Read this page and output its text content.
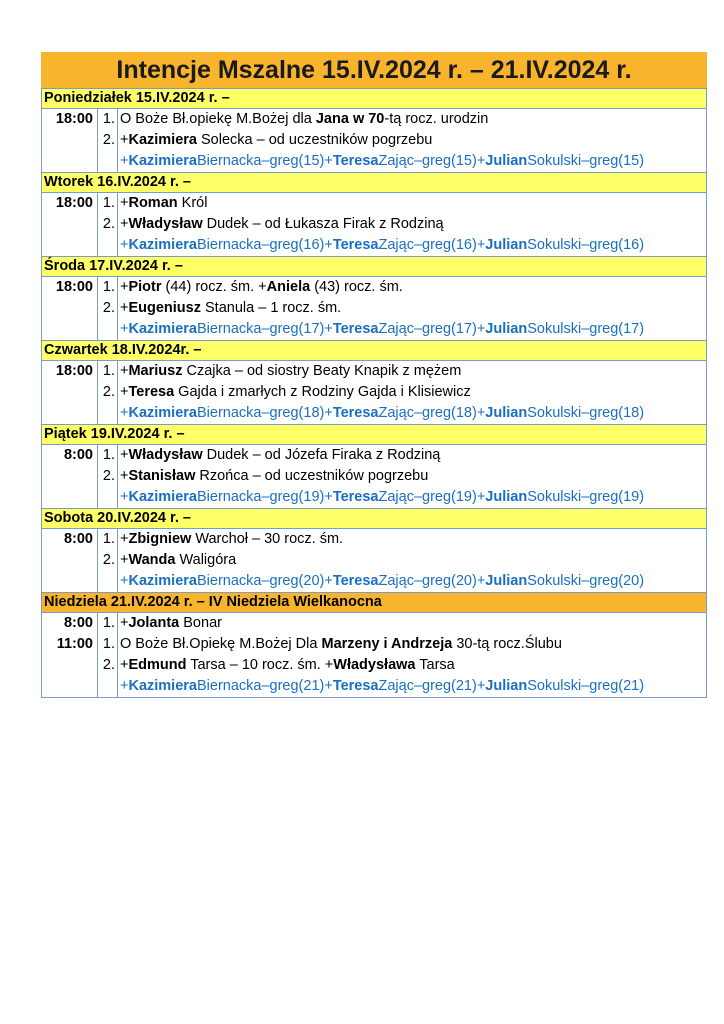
Intencje Mszalne 15.IV.2024 r. – 21.IV.2024 r.
Poniedziałek 15.IV.2024 r. –
18:00 1. O Boże Bł.opiekę M.Bożej dla Jana w 70-tą rocz. urodzin
2. +Kazimiera Solecka – od uczestników pogrzebu
+KazimieraBiernacka–greg(15)+TeresaZając–greg(15)+JulianSokulski–greg(15)
Wtorek 16.IV.2024 r. –
18:00 1. +Roman Król
2. +Władysław Dudek – od Łukasza Firak z Rodziną
+KazimieraBiernacka–greg(16)+TeresaZając–greg(16)+JulianSokulski–greg(16)
Środa 17.IV.2024 r. –
18:00 1. +Piotr (44) rocz. śm. +Aniela (43) rocz. śm.
2. +Eugeniusz Stanula – 1 rocz. śm.
+KazimieraBiernacka–greg(17)+TeresaZając–greg(17)+JulianSokulski–greg(17)
Czwartek 18.IV.2024r. –
18:00 1. +Mariusz Czajka – od siostry Beaty Knapik z mężem
2. +Teresa Gajda i zmarłych z Rodziny Gajda i Klisiewicz
+KazimieraBiernacka–greg(18)+TeresaZając–greg(18)+JulianSokulski–greg(18)
Piątek 19.IV.2024 r. –
8:00 1. +Władysław Dudek – od Józefa Firaka z Rodziną
2. +Stanisław Rzońca – od uczestników pogrzebu
+KazimieraBiernacka–greg(19)+TeresaZając–greg(19)+JulianSokulski–greg(19)
Sobota 20.IV.2024 r. –
8:00 1. +Zbigniew Warchoł – 30 rocz. śm.
2. +Wanda Waligóra
+KazimieraBiernacka–greg(20)+TeresaZając–greg(20)+JulianSokulski–greg(20)
Niedziela 21.IV.2024 r. – IV Niedziela Wielkanocna
8:00 1. +Jolanta Bonar
11:00 1. O Boże Bł.Opiekę M.Bożej Dla Marzeny i Andrzeja 30-tą rocz.Ślubu
2. +Edmund Tarsa – 10 rocz. śm. +Władysława Tarsa
+KazimieraBiernacka–greg(21)+TeresaZając–greg(21)+JulianSokulski–greg(21)
